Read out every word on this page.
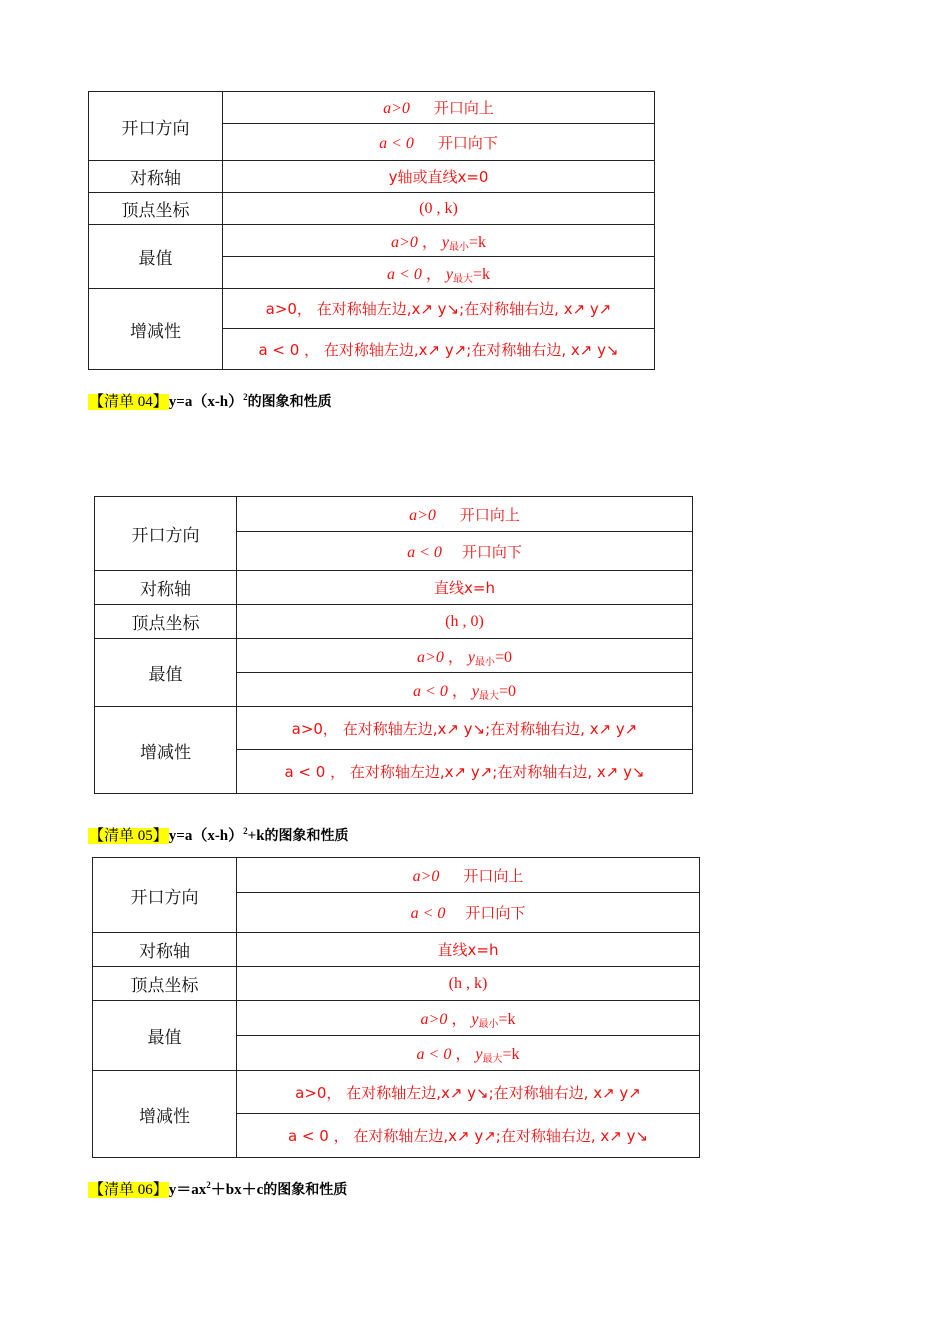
开口方向	a>0 开口向上
	a < 0 开口向下
对称轴	y轴或直线x=0
顶点坐标	(0 , k)
最值	a>0 ， $y_{最小}=k$
	a < 0 ， $y_{最大}=k$
增减性	a>0， 在对称轴左边,x↗ y↘;在对称轴右边, x↗ y↗
	a < 0 ， 在对称轴左边,x↗ y↗;在对称轴右边, x↗ y↘
【清单 04】$y=a(x-h)^2$的图象和性质
开口方向	a>0 开口向上
	a < 0 开口向下
对称轴	直线x=h
顶点坐标	(h , 0)
最值	a>0 ， $y_{最小}=0$
	a < 0 ， $y_{最大}=0$
增减性	a>0， 在对称轴左边,x↗ y↘;在对称轴右边, x↗ y↗
	a < 0 ， 在对称轴左边,x↗ y↗;在对称轴右边, x↗ y↘
【清单 05】$y=a(x-h)^2+k$的图象和性质
开口方向	a>0 开口向上
	a < 0 开口向下
对称轴	直线x=h
顶点坐标	(h , k)
最值	a>0 ， $y_{最小}=k$
	a < 0 ， $y_{最大}=k$
增减性	a>0， 在对称轴左边,x↗ y↘;在对称轴右边, x↗ y↗
	a < 0 ， 在对称轴左边,x↗ y↗;在对称轴右边, x↗ y↘
【清单 06】$y=ax^2+bx+c$的图象和性质
